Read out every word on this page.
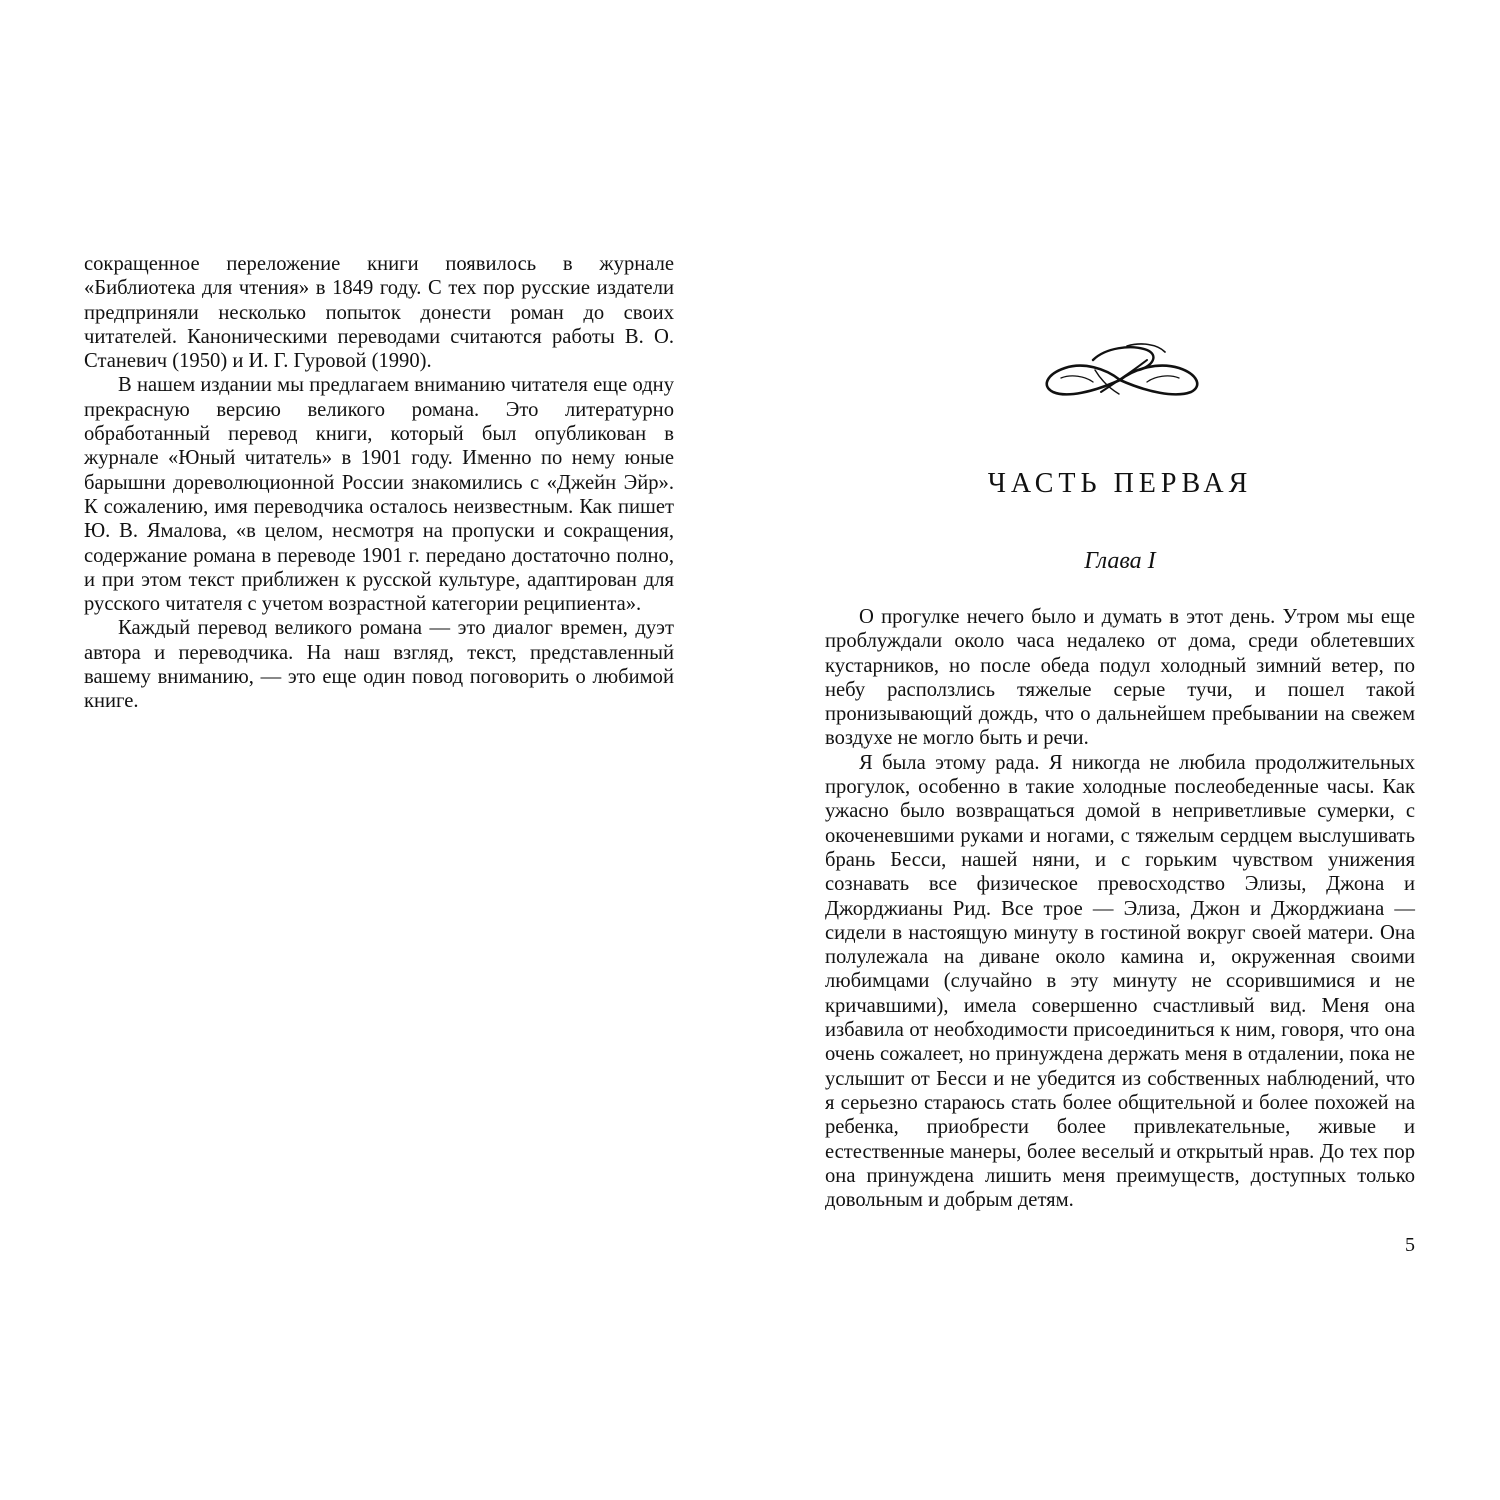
сокращенное переложение книги появилось в журнале «Библиотека для чтения» в 1849 году. С тех пор русские издатели предприняли несколько попыток донести роман до своих читателей. Каноническими переводами считаются работы В. О. Станевич (1950) и И. Г. Гуровой (1990).

В нашем издании мы предлагаем вниманию читателя еще одну прекрасную версию великого романа. Это литературно обработанный перевод книги, который был опубликован в журнале «Юный читатель» в 1901 году. Именно по нему юные барышни дореволюционной России знакомились с «Джейн Эйр». К сожалению, имя переводчика осталось неизвестным. Как пишет Ю. В. Ямалова, «в целом, несмотря на пропуски и сокращения, содержание романа в переводе 1901 г. передано достаточно полно, и при этом текст приближен к русской культуре, адаптирован для русского читателя с учетом возрастной категории реципиента».

Каждый перевод великого романа — это диалог времен, дуэт автора и переводчика. На наш взгляд, текст, представленный вашему вниманию, — это еще один повод поговорить о любимой книге.

ЧАСТЬ ПЕРВАЯ
Глава I

О прогулке нечего было и думать в этот день. Утром мы еще проблуждали около часа недалеко от дома, среди облетевших кустарников, но после обеда подул холодный зимний ветер, по небу расползлись тяжелые серые тучи, и пошел такой пронизывающий дождь, что о дальнейшем пребывании на свежем воздухе не могло быть и речи.

Я была этому рада. Я никогда не любила продолжительных прогулок, особенно в такие холодные послеобеденные часы. Как ужасно было возвращаться домой в неприветливые сумерки, с окоченевшими руками и ногами, с тяжелым сердцем выслушивать брань Бесси, нашей няни, и с горьким чувством унижения сознавать все физическое превосходство Элизы, Джона и Джорджианы Рид. Все трое — Элиза, Джон и Джорджиана — сидели в настоящую минуту в гостиной вокруг своей матери. Она полулежала на диване около камина и, окруженная своими любимцами (случайно в эту минуту не ссорившимися и не кричавшими), имела совершенно счастливый вид. Меня она избавила от необходимости присоединиться к ним, говоря, что она очень сожалеет, но принуждена держать меня в отдалении, пока не услышит от Бесси и не убедится из собственных наблюдений, что я серьезно стараюсь стать более общительной и более похожей на ребенка, приобрести более привлекательные, живые и естественные манеры, более веселый и открытый нрав. До тех пор она принуждена лишить меня преимуществ, доступных только довольным и добрым детям.

5
